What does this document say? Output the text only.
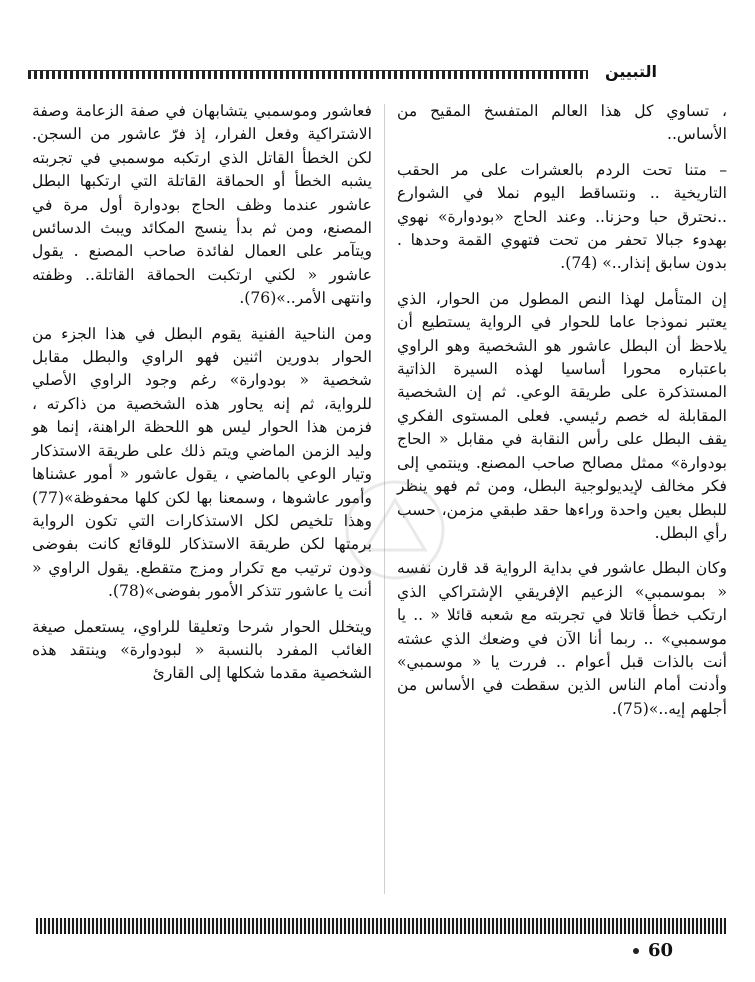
التبيين

، تساوي كل هذا العالم المتفسخ المقيح من الأساس..

– متنا تحت الردم بالعشرات على مر الحقب التاريخية .. ونتساقط اليوم نملا في الشوارع ..نحترق حبا وحزنا.. وعند الحاج «بودوارة» نهوي بهدوء جبالا تحفر من تحت فتهوي القمة وحدها . بدون سابق إنذار..» (74).

إن المتأمل لهذا النص المطول من الحوار، الذي يعتبر نموذجا عاما للحوار في الرواية يستطيع أن يلاحظ أن البطل عاشور هو الشخصية وهو الراوي باعتباره محورا أساسيا لهذه السيرة الذاتية المستذكرة على طريقة الوعي. ثم إن الشخصية المقابلة له خصم رئيسي. فعلى المستوى الفكري يقف البطل على رأس النقابة في مقابل « الحاج بودوارة» ممثل مصالح صاحب المصنع. وينتمي إلى فكر مخالف لإيديولوجية البطل، ومن ثم فهو ينظر للبطل بعين واحدة وراءها حقد طبقي مزمن، حسب رأي البطل.

وكان البطل عاشور في بداية الرواية قد قارن نفسه « بموسمبي» الزعيم الإفريقي الإشتراكي الذي ارتكب خطأ قاتلا في تجربته مع شعبه قائلا « .. يا موسمبي» .. ربما أنا الآن في وضعك الذي عشته أنت بالذات قبل أعوام .. فررت يا « موسمبي» وأدنت أمام الناس الذين سقطت في الأساس من أجلهم إيه..»(75).

فعاشور وموسمبي يتشابهان في صفة الزعامة وصفة الاشتراكية وفعل الفرار، إذ فرّ عاشور من السجن. لكن الخطأ القاتل الذي ارتكبه موسمبي في تجربته يشبه الخطأ أو الحماقة القاتلة التي ارتكبها البطل عاشور عندما وظف الحاج بودوارة أول مرة في المصنع، ومن ثم بدأ ينسج المكائد ويبث الدسائس ويتآمر على العمال لفائدة صاحب المصنع . يقول عاشور « لكني ارتكبت الحماقة القاتلة.. وظفته وانتهى الأمر..»(76).

ومن الناحية الفنية يقوم البطل في هذا الجزء من الحوار بدورين اثنين فهو الراوي والبطل مقابل شخصية « بودوارة» رغم وجود الراوي الأصلي للرواية، ثم إنه يحاور هذه الشخصية من ذاكرته ، فزمن هذا الحوار ليس هو اللحظة الراهنة، إنما هو وليد الزمن الماضي ويتم ذلك على طريقة الاستذكار وتيار الوعي بالماضي ، يقول عاشور « أمور عشناها وأمور عاشوها ، وسمعنا بها لكن كلها محفوظة»(77) وهذا تلخيص لكل الاستذكارات التي تكون الرواية برمتها لكن طريقة الاستذكار للوقائع كانت بفوضى ودون ترتيب مع تكرار ومزج متقطع. يقول الراوي « أنت يا عاشور تتذكر الأمور بفوضى»(78).

ويتخلل الحوار شرحا وتعليقا للراوي، يستعمل صيغة الغائب المفرد بالنسبة « لبودوارة» وينتقد هذه الشخصية مقدما شكلها إلى القارئ

60
